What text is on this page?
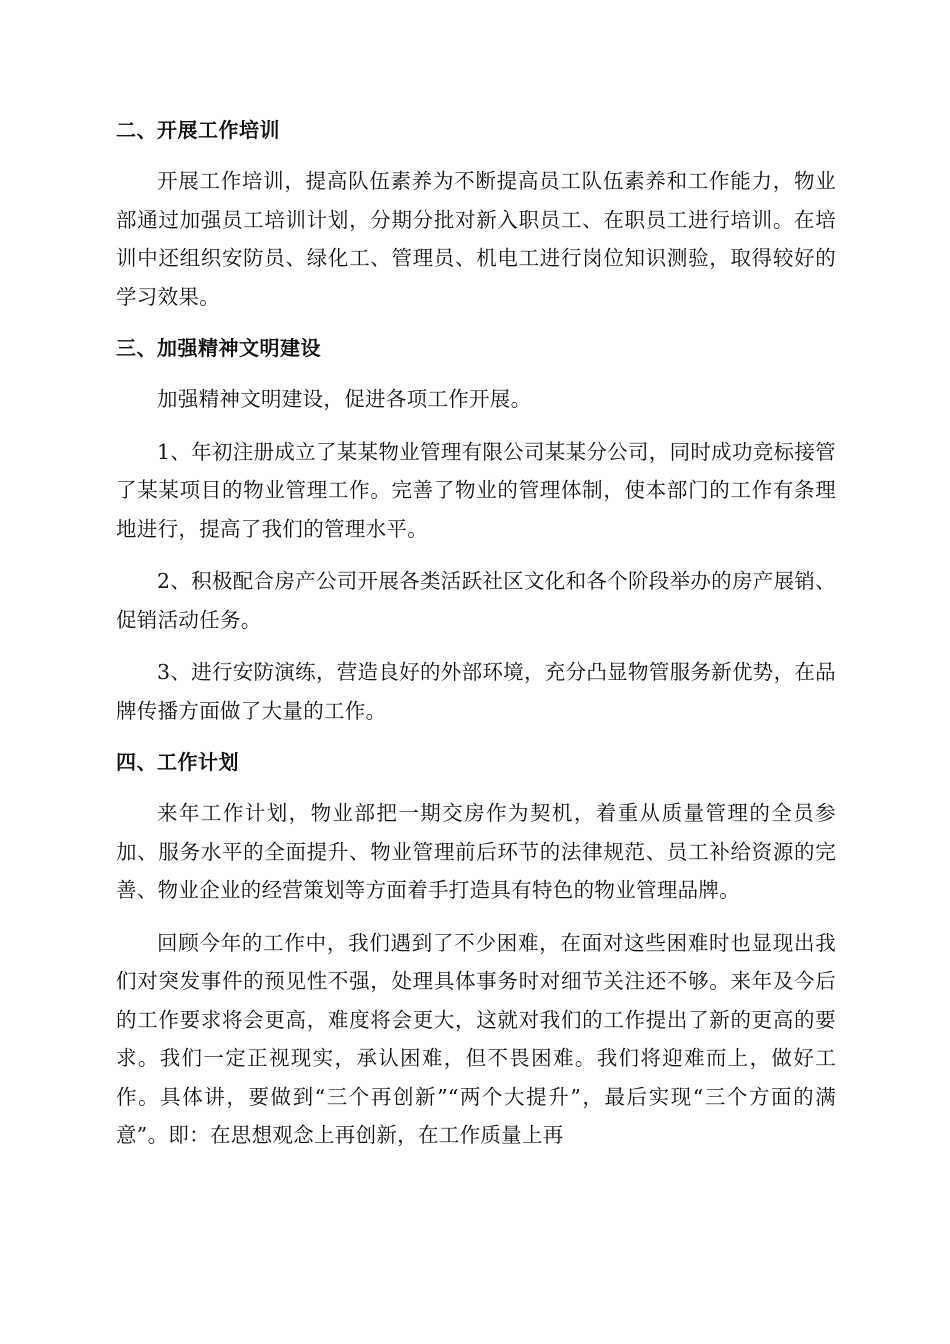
二、开展工作培训

开展工作培训，提高队伍素养为不断提高员工队伍素养和工作能力，物业部通过加强员工培训计划，分期分批对新入职员工、在职员工进行培训。在培训中还组织安防员、绿化工、管理员、机电工进行岗位知识测验，取得较好的学习效果。

三、加强精神文明建设

加强精神文明建设，促进各项工作开展。

1、年初注册成立了某某物业管理有限公司某某分公司，同时成功竞标接管了某某项目的物业管理工作。完善了物业的管理体制，使本部门的工作有条理地进行，提高了我们的管理水平。

2、积极配合房产公司开展各类活跃社区文化和各个阶段举办的房产展销、促销活动任务。

3、进行安防演练，营造良好的外部环境，充分凸显物管服务新优势，在品牌传播方面做了大量的工作。

四、工作计划

来年工作计划，物业部把一期交房作为契机，着重从质量管理的全员参加、服务水平的全面提升、物业管理前后环节的法律规范、员工补给资源的完善、物业企业的经营策划等方面着手打造具有特色的物业管理品牌。

回顾今年的工作中，我们遇到了不少困难，在面对这些困难时也显现出我们对突发事件的预见性不强，处理具体事务时对细节关注还不够。来年及今后的工作要求将会更高，难度将会更大，这就对我们的工作提出了新的更高的要求。我们一定正视现实，承认困难，但不畏困难。我们将迎难而上，做好工作。具体讲，要做到“三个再创新”“两个大提升”，最后实现“三个方面的满意”。即：在思想观念上再创新，在工作质量上再
